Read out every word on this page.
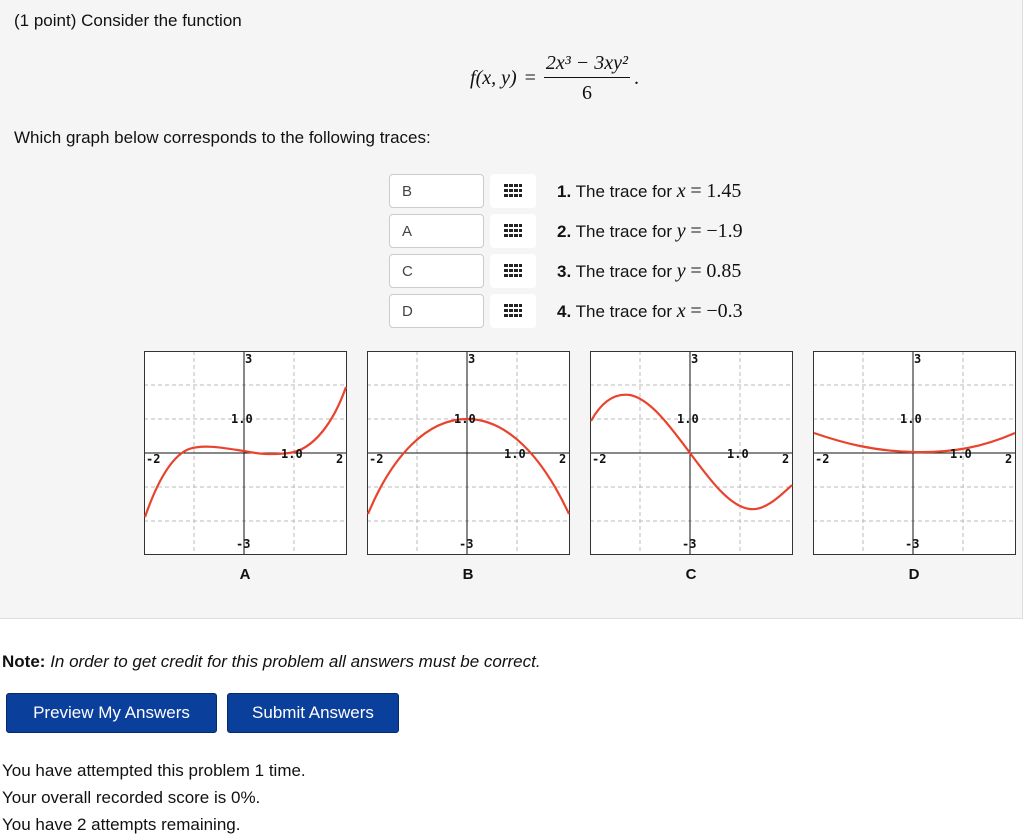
(1 point) Consider the function
f (x, $y) = \frac{\text{2x³ − 3xy²}}{6}$ .
Which graph below corresponds to the following traces:
B
1. The trace for x = 1.45
A
2. The trace for y = −1.9
C
3. The trace for y = 0.85
D
4. The trace for x = −0.3
3
-3
-2	2
1.0
1.0
A
3
-3
-2	2
1.0
1.0
B
3
-3
-2	2
1.0
1.0
C
3
-3
-2	2
1.0
1.0
D
Note: In order to get credit for this problem all answers must be correct.
Preview My Answers	Submit Answers
You have attempted this problem 1 time.
Your overall recorded score is 0%.
You have 2 attempts remaining.
